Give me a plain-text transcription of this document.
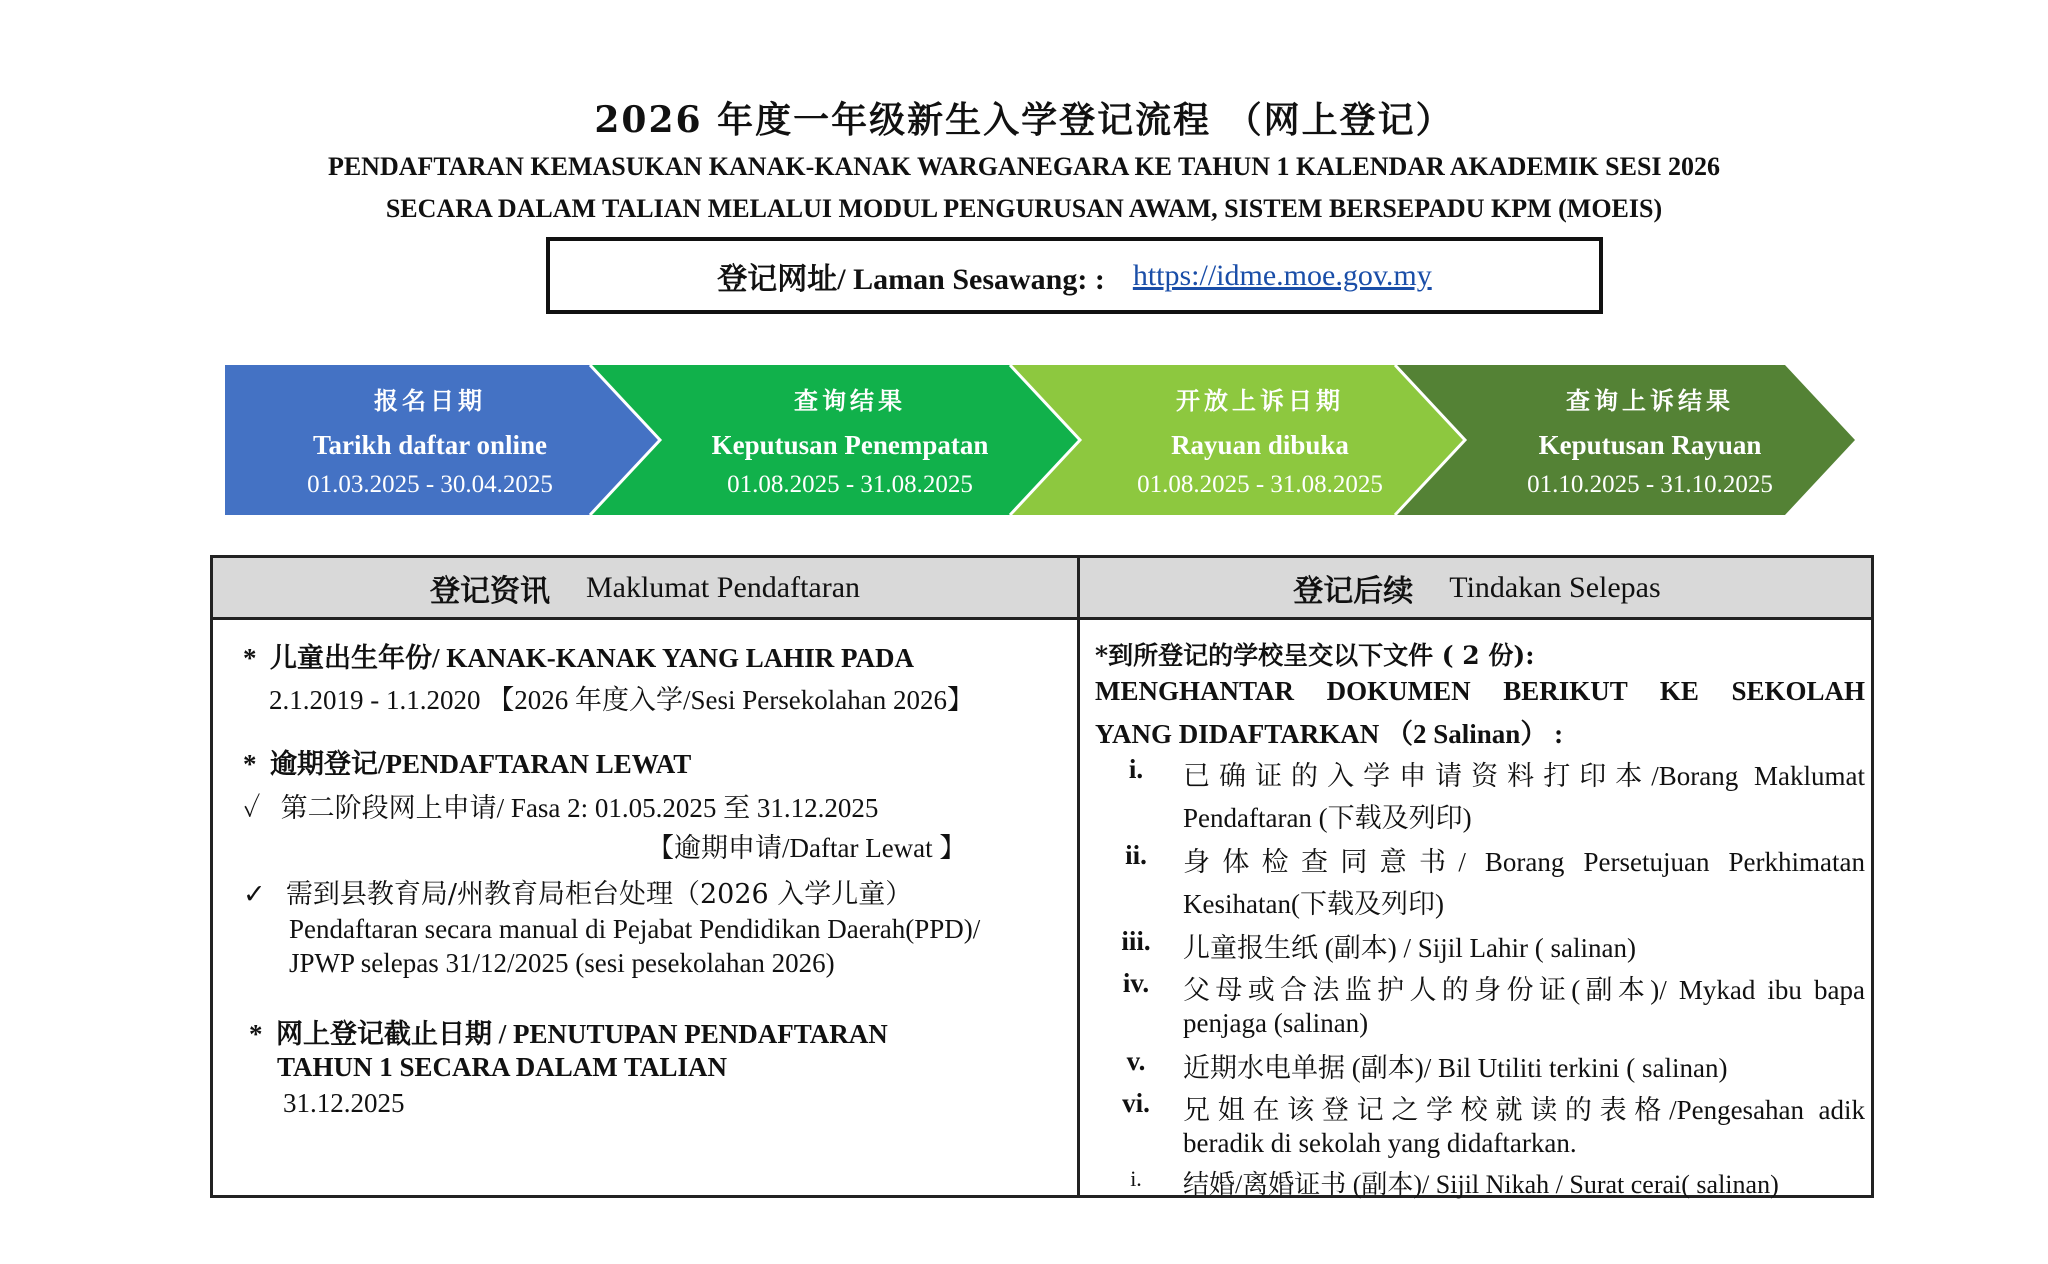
2026 年度一年级新生入学登记流程 （网上登记）
PENDAFTARAN KEMASUKAN KANAK-KANAK WARGANEGARA KE TAHUN 1 KALENDAR AKADEMIK SESI 2026
SECARA DALAM TALIAN MELALUI MODUL PENGURUSAN AWAM, SISTEM BERSEPADU KPM (MOEIS)
登记网址/ Laman Sesawang: : https://idme.moe.gov.my
报名日期
Tarikh daftar online
01.03.2025 - 30.04.2025
查询结果
Keputusan Penempatan
01.08.2025 - 31.08.2025
开放上诉日期
Rayuan dibuka
01.08.2025 - 31.08.2025
查询上诉结果
Keputusan Rayuan
01.10.2025 - 31.10.2025
登记资讯 Maklumat Pendaftaran	登记后续 Tindakan Selepas
* 儿童出生年份/ KANAK-KANAK YANG LAHIR PADA
2.1.2019 - 1.1.2020 【2026 年度入学/Sesi Persekolahan 2026】
* 逾期登记/PENDAFTARAN LEWAT
✓ 第二阶段网上申请/ Fasa 2: 01.05.2025 至 31.12.2025
【逾期申请/Daftar Lewat 】
✓ 需到县教育局/州教育局柜台处理（2026 入学儿童）
Pendaftaran secara manual di Pejabat Pendidikan Daerah(PPD)/
JPWP selepas 31/12/2025 (sesi pesekolahan 2026)
* 网上登记截止日期 / PENUTUPAN PENDAFTARAN
TAHUN 1 SECARA DALAM TALIAN
31.12.2025
*到所登记的学校呈交以下文件 ( 2 份):
MENGHANTAR DOKUMEN BERIKUT KE SEKOLAH
YANG DIDAFTARKAN （2 Salinan） :
i.	已确证的入学申请资料打印本/Borang Maklumat
Pendaftaran (下载及列印)
ii.	身体检查同意书/ Borang Persetujuan Perkhimatan
Kesihatan(下载及列印)
iii.	儿童报生纸 (副本) / Sijil Lahir ( salinan)
iv.	父母或合法监护人的身份证(副本)/ Mykad ibu bapa
penjaga (salinan)
v.	近期水电单据 (副本)/ Bil Utiliti terkini ( salinan)
vi.	兄姐在该登记之学校就读的表格/Pengesahan adik
beradik di sekolah yang didaftarkan.
i.	结婚/离婚证书 (副本)/ Sijil Nikah / Surat cerai( salinan)
